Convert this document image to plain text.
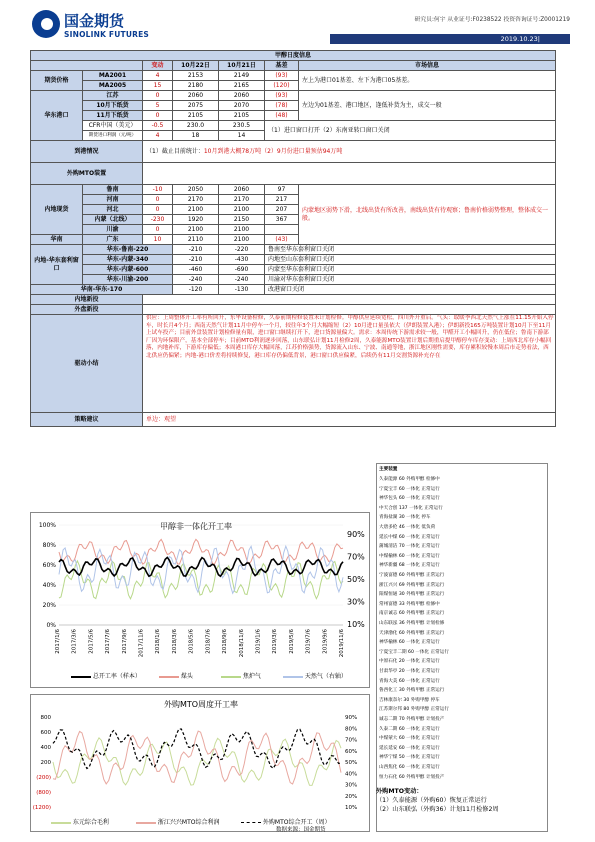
国金期货
SINOLINK FUTURES
研究员:何宇 从业证号:F0238522 投资咨询证号:Z0001219
2019.10.23|
甲醇日度信息						
		变动	10月22日	10月21日	基差	市场信息
期货价格	MA2001	4	2153	2149	(93)	左上为港口01基差、左下为港口05基差。
	MA2005	15	2180	2165	(120)	
华东港口	江苏	0	2060	2060	(93)	左边为01基差、港口地区，逢低补货为主，成交一般
	10月下纸货	5	2075	2070	(78)	
	11月下纸货	0	2105	2105	(48)	
	CFR中国（美元）	-0.5	230.0	230.5	（1）进口窗口打开（2）东南亚转口窗口关闭	
	期货进口利润（元/吨）	4	18	14		
到港情况		（1）截止目前统计：10月到港大概78万吨（2）9月份进口量预估94万吨				
外购MTO装置						
内地现货	鲁南	-10	2050	2060	97	内蒙地区弱势下滑，北线出货有所改善，南线出货有待观察；鲁南价格弱势整理，整体成交一般。
	河南	0	2170	2170	217	
	河北	0	2100	2100	207	
	内蒙（北线）	-230	1920	2150	367	
	川渝	0	2100	2100		
华南	广东	10	2110	2100	(43)	
内地-华东套利窗口	华东-鲁南-220		-210	-220	鲁南至华东套利窗口关闭	
	华东-内蒙-340		-210	-430	内地至山东套利窗口关闭	
	华东-内蒙-600		-460	-690	内蒙至华东套利窗口关闭	
	华东-川渝-200		-240	-240	川渝对华东套利窗口关闭	
华南-华东-170			-120	-130	改港窗口关闭	
内地新投						
外盘新投						
驱动小结		供应：上周整体开工率有所回升，东华设备检修，久泰前期检修装置未计划检修。甲醇供应延续宽松，四川外开重启。气头：取暖季西北天然气上涨在11.15开始入停车，时长月4个月；西南天然气计划11月中停车一个月，较往年3个月大幅缩短（2）10月进口量虽依大（伊朗装置入港）；伊朗新投165万吨装置计划10月下至11月上试车投产；目前外盘装置计划检修量有限，进口窗口继续打开下，进口货源量偏大。需求：本周传统下游需求较一般，甲醛开工小幅回升，仍在低位；鲁南下游部厂因为环保限产，基本全部停车；目前MTO利润逐步回落，山东联弘计划11月检修2周，久泰能源MTO装置计划后期重启提甲醇停车库存变动：上周西北库存小幅回落，内地补库，下游库存偏低；本周港口库存大幅回落，江苏价格强势，货源流入山东、宁波、南通等地，浙江地区刚性需要，库存累积较慢本周后市走势看法，西北供应仍偏紧；内地-港口价差将持续修复，港口库存仍偏低背景，港口窗口供应偏紧，后续仍有11月交割货源补充存在				
策略建议		单边：观望				
甲醇非一体化开工率
100%
80%
60%
40%
20%
0%
90%
70%
50%
30%
10%
2017/1/6 2017/3/6 2017/5/6 2017/7/6 2017/9/6 2017/11/6 2018/1/6 2018/3/6 2018/5/6 2018/7/6 2018/9/6 2018/11/6 2019/1/6 2019/3/6 2019/5/6 2019/7/6 2019/9/6 2019/11/6
总开工率（样本）	煤头	焦炉气	天然气（右轴）
外购MTO周度开工率
800
600
400
200
(200)
(800)
(1200)
90%
80%
70%
60%
50%
40%
30%
20%
10%
东元综合毛利	浙江兴兴MTO综合利润	外购MTO综合开工（周）
数据来源：国金期货
主要装置
久泰能源 60 外购甲醇 检修中
宁夏宝丰 60 一体化 正常运行
神华包头 60 一体化 正常运行
中天合创 137 一体化 正常运行
青海盐湖 30 一体化 停车
大唐多伦 46 一体化 低负荷
延长中煤 60 一体化 正常运行
蒲城清洁 70 一体化 正常运行
中煤榆林 60 一体化 正常运行
神华新疆 68 一体化 正常运行
宁波富德 60 外购甲醇 正常运行
浙江兴兴 69 外购甲醇 正常运行
阳煤恒通 30 外购甲醇 正常运行
常州富德 33 外购甲醇 检修中
南京诚志 60 外购甲醇 正常运行
山东联泓 36 外购甲醇 计划检修
天津渤化 60 外购甲醇 正常运行
神华榆林 60 一体化 正常运行
宁夏宝丰二期 60 一体化 正常运行
中原石化 20 一体化 正常运行
甘肃华亭 20 一体化 正常运行
青海大美 60 一体化 正常运行
鲁西化工 30 外购甲醇 正常运行
吉林康奈尔 30 外购甲醇 停车
江苏斯尔邦 80 外购甲醇 正常运行
诚志二期 70 外购甲醇 计划投产
久泰二期 60 一体化 正常运行
中煤蒙大 60 一体化 正常运行
延长延安 60 一体化 正常运行
神华宁煤 50 一体化 正常运行
山西焦化 60 一体化 正常运行
恒力石化 60 外购甲醇 计划投产
外购MTO变动：
（1）久泰能源（外购60）恢复正常运行
（2）山东联弘（外购36）计划11月检修2周
